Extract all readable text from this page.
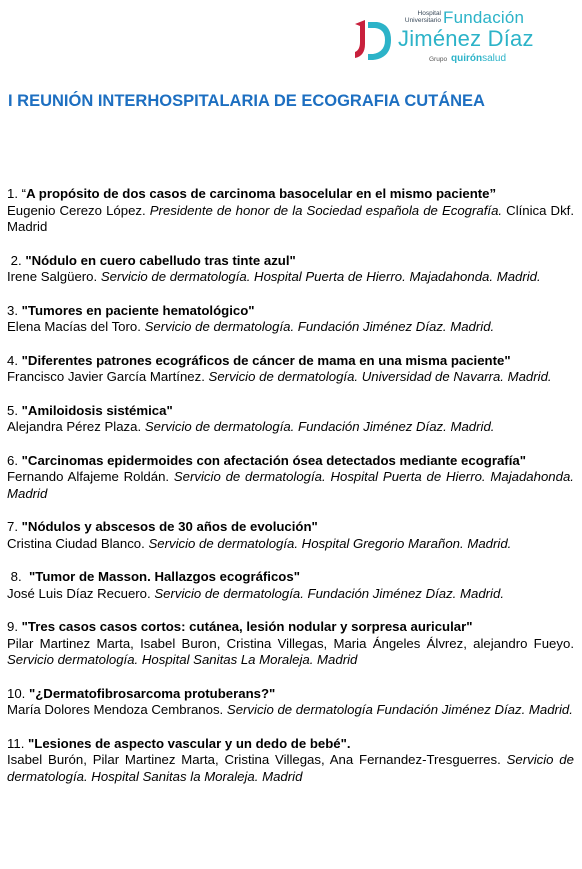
Hospital
Universitario Fundación
Jiménez Díaz
Grupo quirónsalud
I REUNIÓN INTERHOSPITALARIA DE ECOGRAFIA CUTÁNEA
1. “A propósito de dos casos de carcinoma basocelular en el mismo paciente”
Eugenio Cerezo López. Presidente de honor de la Sociedad española de Ecografía. Clínica Dkf. Madrid
2. "Nódulo en cuero cabelludo tras tinte azul"
Irene Salgüero. Servicio de dermatología. Hospital Puerta de Hierro. Majadahonda. Madrid.
3. "Tumores en paciente hematológico"
Elena Macías del Toro. Servicio de dermatología. Fundación Jiménez Díaz. Madrid.
4. "Diferentes patrones ecográficos de cáncer de mama en una misma paciente"
Francisco Javier García Martínez. Servicio de dermatología. Universidad de Navarra. Madrid.
5. "Amiloidosis sistémica"
Alejandra Pérez Plaza. Servicio de dermatología. Fundación Jiménez Díaz. Madrid.
6. "Carcinomas epidermoides con afectación ósea detectados mediante ecografía"
Fernando Alfajeme Roldán. Servicio de dermatología. Hospital Puerta de Hierro. Majadahonda. Madrid
7. "Nódulos y abscesos de 30 años de evolución"
Cristina Ciudad Blanco. Servicio de dermatología. Hospital Gregorio Marañon. Madrid.
8.  "Tumor de Masson. Hallazgos ecográficos"
José Luis Díaz Recuero. Servicio de dermatología. Fundación Jiménez Díaz. Madrid.
9. "Tres casos casos cortos: cutánea, lesión nodular y sorpresa auricular"
Pilar Martinez Marta, Isabel Buron, Cristina Villegas, Maria Ángeles Álvrez, alejandro Fueyo. Servicio dermatología. Hospital Sanitas La Moraleja. Madrid
10. "¿Dermatofibrosarcoma protuberans?"
María Dolores Mendoza Cembranos. Servicio de dermatología Fundación Jiménez Díaz. Madrid.
11. "Lesiones de aspecto vascular y un dedo de bebé".
Isabel Burón, Pilar Martinez Marta, Cristina Villegas, Ana Fernandez-Tresguerres. Servicio de dermatología. Hospital Sanitas la Moraleja. Madrid
